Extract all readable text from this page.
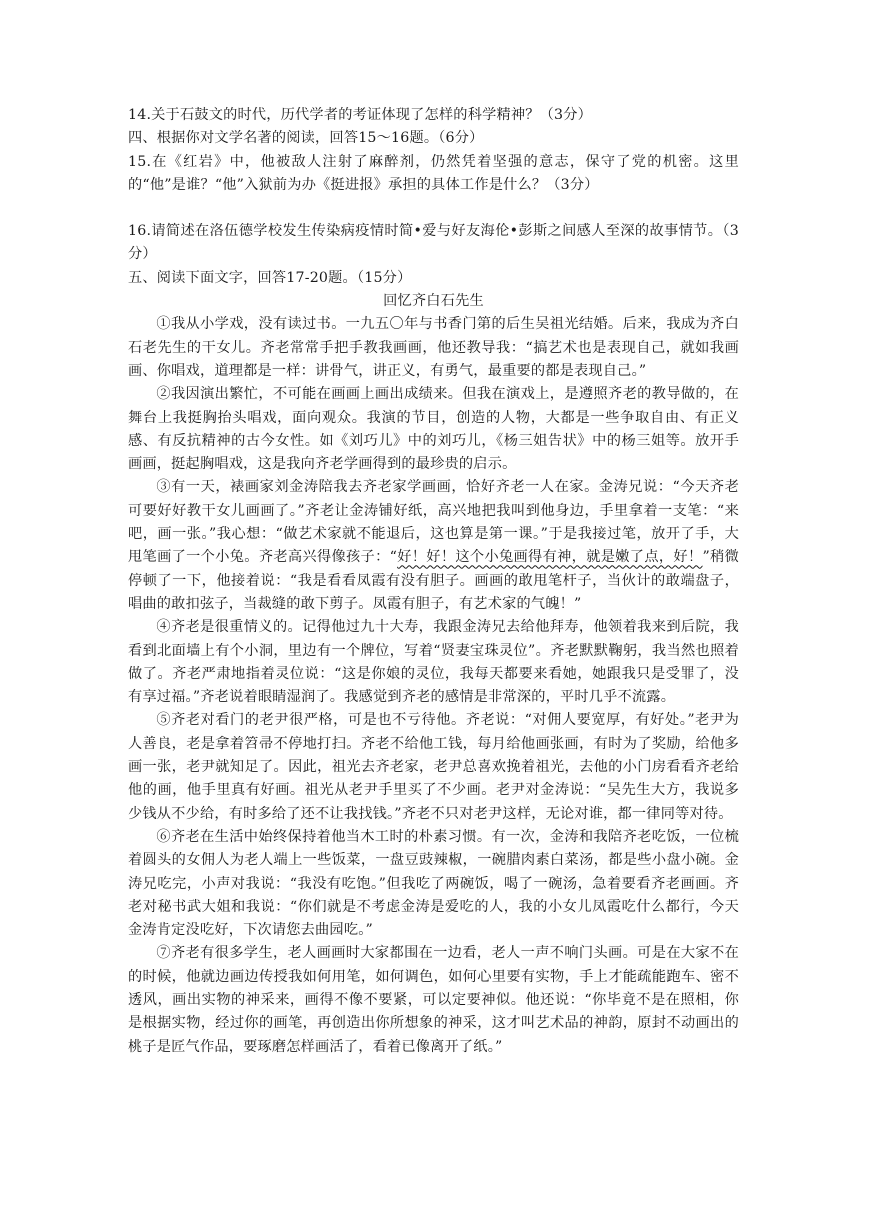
14.关于石鼓文的时代，历代学者的考证体现了怎样的科学精神？（3分）

四、根据你对文学名著的阅读，回答15～16题。（6分）

15.在《红岩》中，他被敌人注射了麻醉剂，仍然凭着坚强的意志，保守了党的机密。这里的“他”是谁？“他”入狱前为办《挺进报》承担的具体工作是什么？（3分）

16.请简述在洛伍德学校发生传染病疫情时简•爱与好友海伦•彭斯之间感人至深的故事情节。（3分）

五、阅读下面文字，回答17-20题。（15分）

回忆齐白石先生

①我从小学戏，没有读过书。一九五〇年与书香门第的后生吴祖光结婚。后来，我成为齐白石老先生的干女儿。齐老常常手把手教我画画，他还教导我：“搞艺术也是表现自己，就如我画画、你唱戏，道理都是一样：讲骨气，讲正义，有勇气，最重要的都是表现自己。”

②我因演出繁忙，不可能在画画上画出成绩来。但我在演戏上，是遵照齐老的教导做的，在舞台上我挺胸抬头唱戏，面向观众。我演的节目，创造的人物，大都是一些争取自由、有正义感、有反抗精神的古今女性。如《刘巧儿》中的刘巧儿，《杨三姐告状》中的杨三姐等。放开手画画，挺起胸唱戏，这是我向齐老学画得到的最珍贵的启示。

③有一天，裱画家刘金涛陪我去齐老家学画画，恰好齐老一人在家。金涛兄说：“今天齐老可要好好教干女儿画画了。”齐老让金涛铺好纸，高兴地把我叫到他身边，手里拿着一支笔：“来吧，画一张。”我心想：“做艺术家就不能退后，这也算是第一课。”于是我接过笔，放开了手，大甩笔画了一个小兔。齐老高兴得像孩子：“好！好！这个小兔画得有神，就是嫩了点，好！”稍微停顿了一下，他接着说：“我是看看凤霞有没有胆子。画画的敢甩笔杆子，当伙计的敢端盘子，唱曲的敢扣弦子，当裁缝的敢下剪子。凤霞有胆子，有艺术家的气魄！”

④齐老是很重情义的。记得他过九十大寿，我跟金涛兄去给他拜寿，他领着我来到后院，我看到北面墙上有个小洞，里边有一个牌位，写着“贤妻宝珠灵位”。齐老默默鞠躬，我当然也照着做了。齐老严肃地指着灵位说：“这是你娘的灵位，我每天都要来看她，她跟我只是受罪了，没有享过福。”齐老说着眼睛湿润了。我感觉到齐老的感情是非常深的，平时几乎不流露。

⑤齐老对看门的老尹很严格，可是也不亏待他。齐老说：“对佣人要宽厚，有好处。”老尹为人善良，老是拿着笤帚不停地打扫。齐老不给他工钱，每月给他画张画，有时为了奖励，给他多画一张，老尹就知足了。因此，祖光去齐老家，老尹总喜欢挽着祖光，去他的小门房看看齐老给他的画，他手里真有好画。祖光从老尹手里买了不少画。老尹对金涛说：“吴先生大方，我说多少钱从不少给，有时多给了还不让我找钱。”齐老不只对老尹这样，无论对谁，都一律同等对待。

⑥齐老在生活中始终保持着他当木工时的朴素习惯。有一次，金涛和我陪齐老吃饭，一位梳着圆头的女佣人为老人端上一些饭菜，一盘豆豉辣椒，一碗腊肉素白菜汤，都是些小盘小碗。金涛兄吃完，小声对我说：“我没有吃饱。”但我吃了两碗饭，喝了一碗汤，急着要看齐老画画。齐老对秘书武大姐和我说：“你们就是不考虑金涛是爱吃的人，我的小女儿凤霞吃什么都行，今天金涛肯定没吃好，下次请您去曲园吃。”

⑦齐老有很多学生，老人画画时大家都围在一边看，老人一声不响门头画。可是在大家不在的时候，他就边画边传授我如何用笔，如何调色，如何心里要有实物，手上才能疏能跑车、密不透风，画出实物的神采来，画得不像不要紧，可以定要神似。他还说：“你毕竟不是在照相，你是根据实物，经过你的画笔，再创造出你所想象的神采，这才叫艺术品的神韵，原封不动画出的桃子是匠气作品，要琢磨怎样画活了，看着已像离开了纸。”
